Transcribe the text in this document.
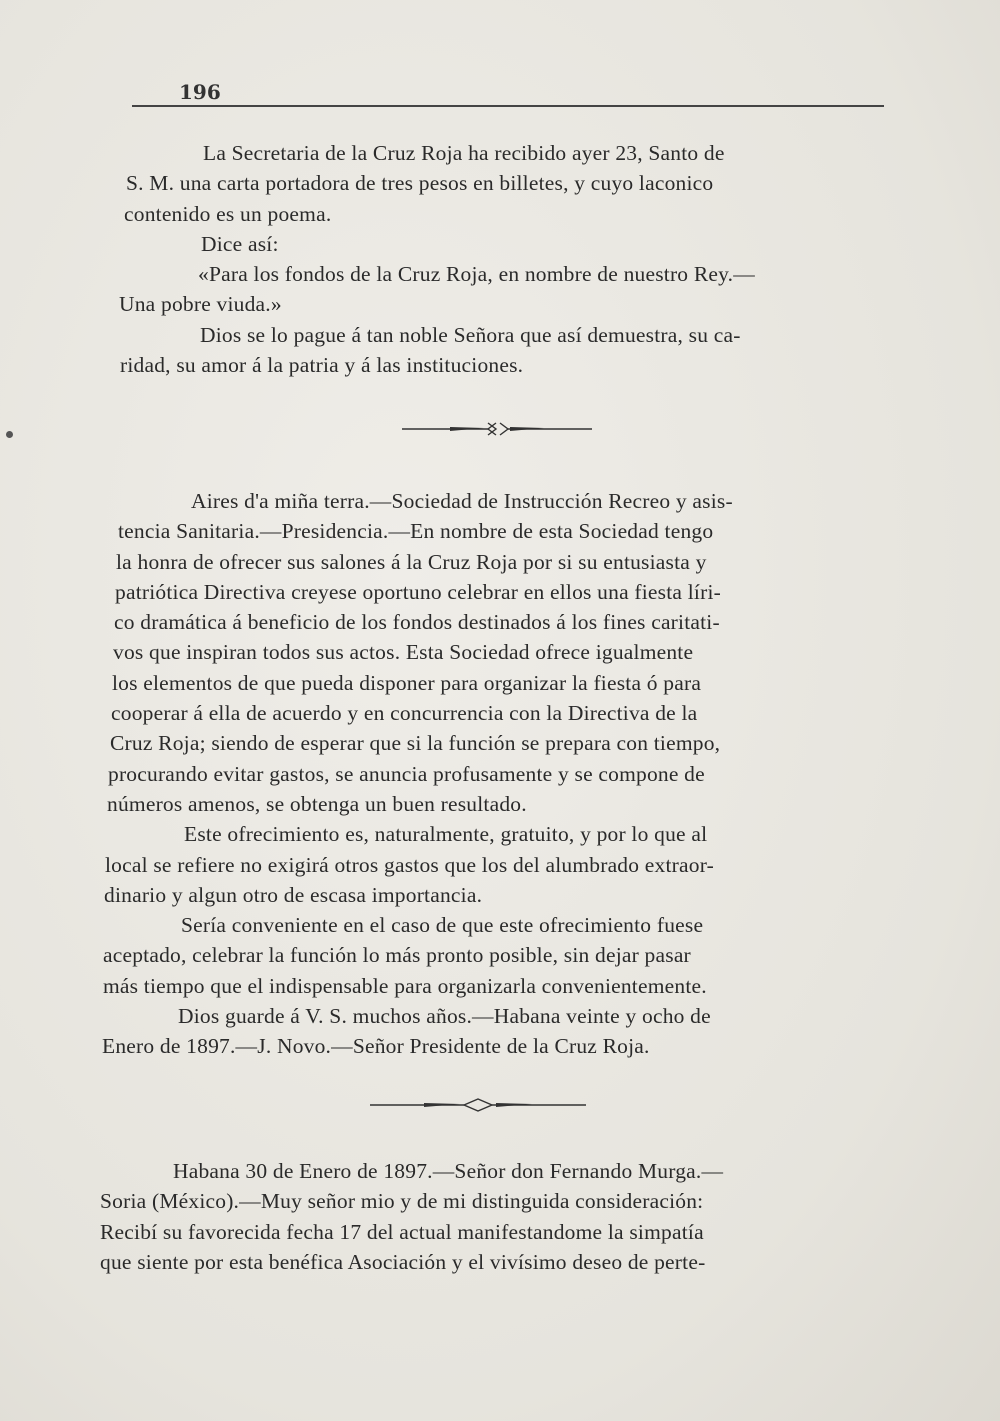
196
La Secretaria de la Cruz Roja ha recibido ayer 23, Santo de
S. M. una carta portadora de tres pesos en billetes, y cuyo laconico
contenido es un poema.
Dice así:
«Para los fondos de la Cruz Roja, en nombre de nuestro Rey.—
Una pobre viuda.»
Dios se lo pague á tan noble Señora que así demuestra, su ca-
ridad, su amor á la patria y á las instituciones.
Aires d'a miña terra.—Sociedad de Instrucción Recreo y asis-
tencia Sanitaria.—Presidencia.—En nombre de esta Sociedad tengo
la honra de ofrecer sus salones á la Cruz Roja por si su entusiasta y
patriótica Directiva creyese oportuno celebrar en ellos una fiesta líri-
co dramática á beneficio de los fondos destinados á los fines caritati-
vos que inspiran todos sus actos. Esta Sociedad ofrece igualmente
los elementos de que pueda disponer para organizar la fiesta ó para
cooperar á ella de acuerdo y en concurrencia con la Directiva de la
Cruz Roja; siendo de esperar que si la función se prepara con tiempo,
procurando evitar gastos, se anuncia profusamente y se compone de
números amenos, se obtenga un buen resultado.
Este ofrecimiento es, naturalmente, gratuito, y por lo que al
local se refiere no exigirá otros gastos que los del alumbrado extraor-
dinario y algun otro de escasa importancia.
Sería conveniente en el caso de que este ofrecimiento fuese
aceptado, celebrar la función lo más pronto posible, sin dejar pasar
más tiempo que el indispensable para organizarla convenientemente.
Dios guarde á V. S. muchos años.—Habana veinte y ocho de
Enero de 1897.—J. Novo.—Señor Presidente de la Cruz Roja.
Habana 30 de Enero de 1897.—Señor don Fernando Murga.—
Soria (México).—Muy señor mio y de mi distinguida consideración:
Recibí su favorecida fecha 17 del actual manifestandome la simpatía
que siente por esta benéfica Asociación y el vivísimo deseo de perte-
